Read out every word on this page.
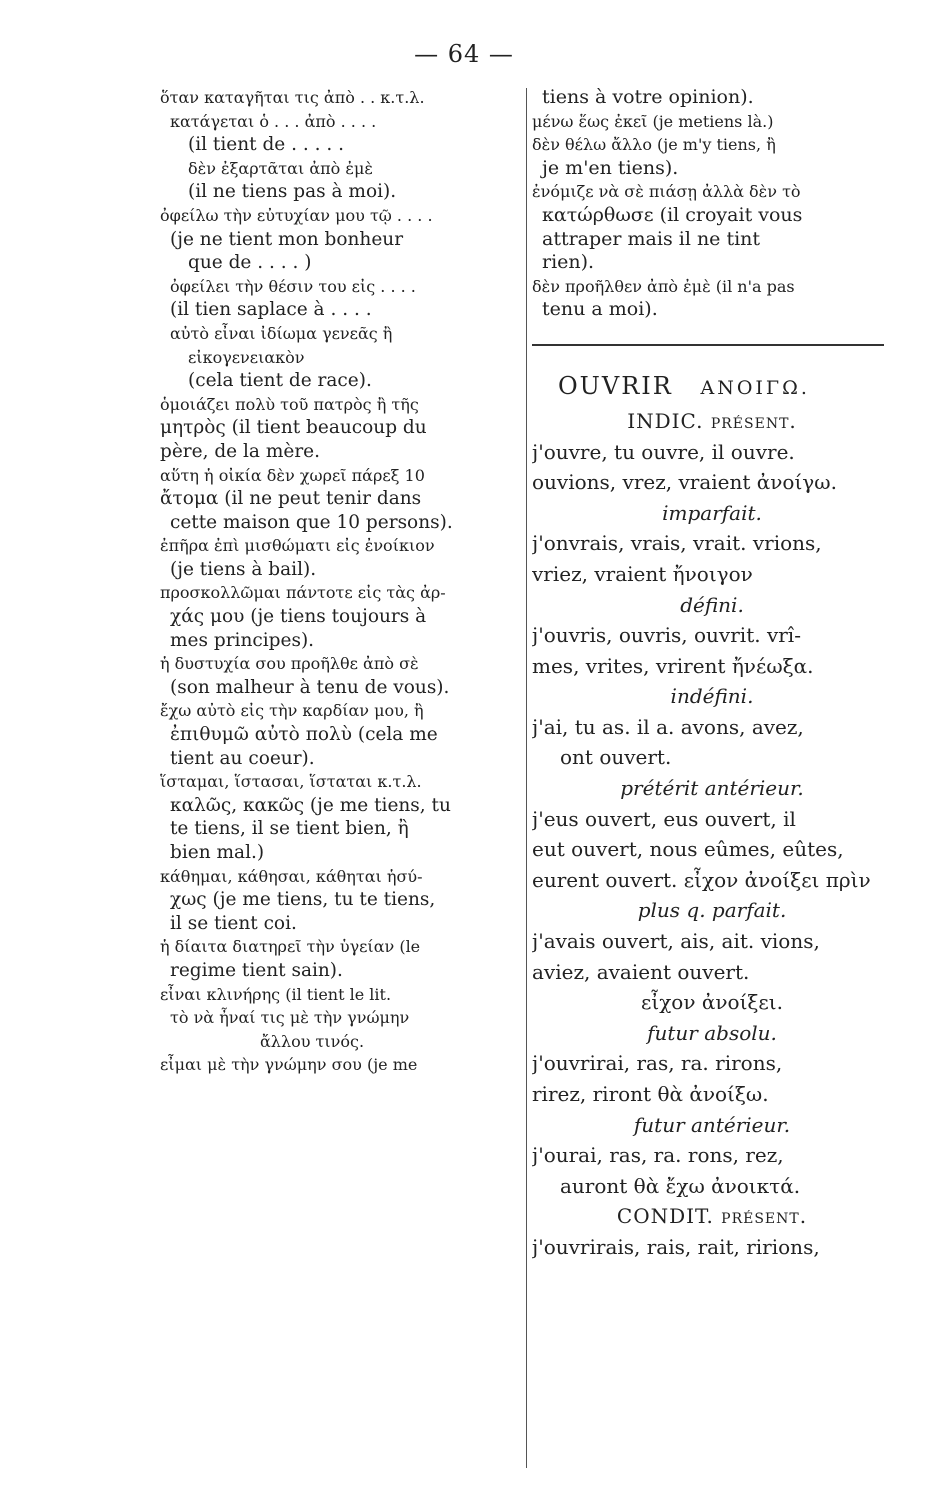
— 64 —
ὅταν καταγῆται τις ἀπὸ . . κ.τ.λ.
κατάγεται ὁ . . . ἀπὸ . . . .
(il tient de . . . . .
δὲν ἐξαρτᾶται ἀπὸ ἐμὲ
(il ne tiens pas à moi).
ὀφείλω τὴν εὐτυχίαν μου τῷ . . . .
(je ne tient mon bonheur
que de . . . . )
ὀφείλει τὴν θέσιν του εἰς . . . .
(il tien saplace à . . . .
αὐτὸ εἶναι ἰδίωμα γενεᾶς ἢ
εἰκογενειακὸν
(cela tient de race).
ὁμοιάζει πολὺ τοῦ πατρὸς ἢ τῆς
μητρὸς (il tient beaucoup du
père, de la mère.
αὕτη ἡ οἰκία δὲν χωρεῖ πάρεξ 10
ἄτομα (il ne peut tenir dans
cette maison que 10 persons).
ἐπῆρα ἐπὶ μισθώματι εἰς ἐνοίκιον
(je tiens à bail).
προσκολλῶμαι πάντοτε εἰς τὰς ἀρ-
χάς μου (je tiens toujours à
mes principes).
ἡ δυστυχία σου προῆλθε ἀπὸ σὲ
(son malheur à tenu de vous).
ἔχω αὐτὸ εἰς τὴν καρδίαν μου, ἢ
ἐπιθυμῶ αὐτὸ πολὺ (cela me
tient au coeur).
ἵσταμαι, ἵστασαι, ἵσταται κ.τ.λ.
καλῶς, κακῶς (je me tiens, tu
te tiens, il se tient bien, ἢ
bien mal.)
κάθημαι, κάθησαι, κάθηται ἡσύ-
χως (je me tiens, tu te tiens,
il se tient coi.
ἡ δίαιτα διατηρεῖ τὴν ὑγείαν (le
regime tient sain).
εἶναι κλινήρης (il tient le lit.
τὸ νὰ ἦναί τις μὲ τὴν γνώμην
ἄλλου τινός.
εἶμαι μὲ τὴν γνώμην σου (je me
tiens à votre opinion).
μένω ἕως ἐκεῖ (je metiens là.)
δὲν θέλω ἄλλο (je m'y tiens, ἢ
je m'en tiens).
ἐνόμιζε νὰ σὲ πιάσῃ ἀλλὰ δὲν τὸ
κατώρθωσε (il croyait vous
attraper mais il ne tint
rien).
δὲν προῆλθεν ἀπὸ ἐμὲ (il n'a pas
tenu a moi).
OUVRIR ΑΝΟΙΓΩ.
INDIC. présent.
j'ouvre, tu ouvre, il ouvre.
ouvions, vrez, vraient ἀνοίγω.
imparfait.
j'onvrais, vrais, vrait. vrions,
vriez, vraient ἤνοιγον
défini.
j'ouvris, ouvris, ouvrit. vrî-
mes, vrites, vrirent ἤνέωξα.
indéfini.
j'ai, tu as. il a. avons, avez,
ont ouvert.
prétérit antérieur.
j'eus ouvert, eus ouvert, il
eut ouvert, nous eûmes, eûtes,
eurent ouvert. εἶχον ἀνοίξει πρὶν
plus q. parfait.
j'avais ouvert, ais, ait. vions,
aviez, avaient ouvert.
εἶχον ἀνοίξει.
futur absolu.
j'ouvrirai, ras, ra. rirons,
rirez, riront θὰ ἀνοίξω.
futur antérieur.
j'ourai, ras, ra. rons, rez,
auront θὰ ἔχω ἀνοικτά.
CONDIT. présent.
j'ouvrirais, rais, rait, ririons,
